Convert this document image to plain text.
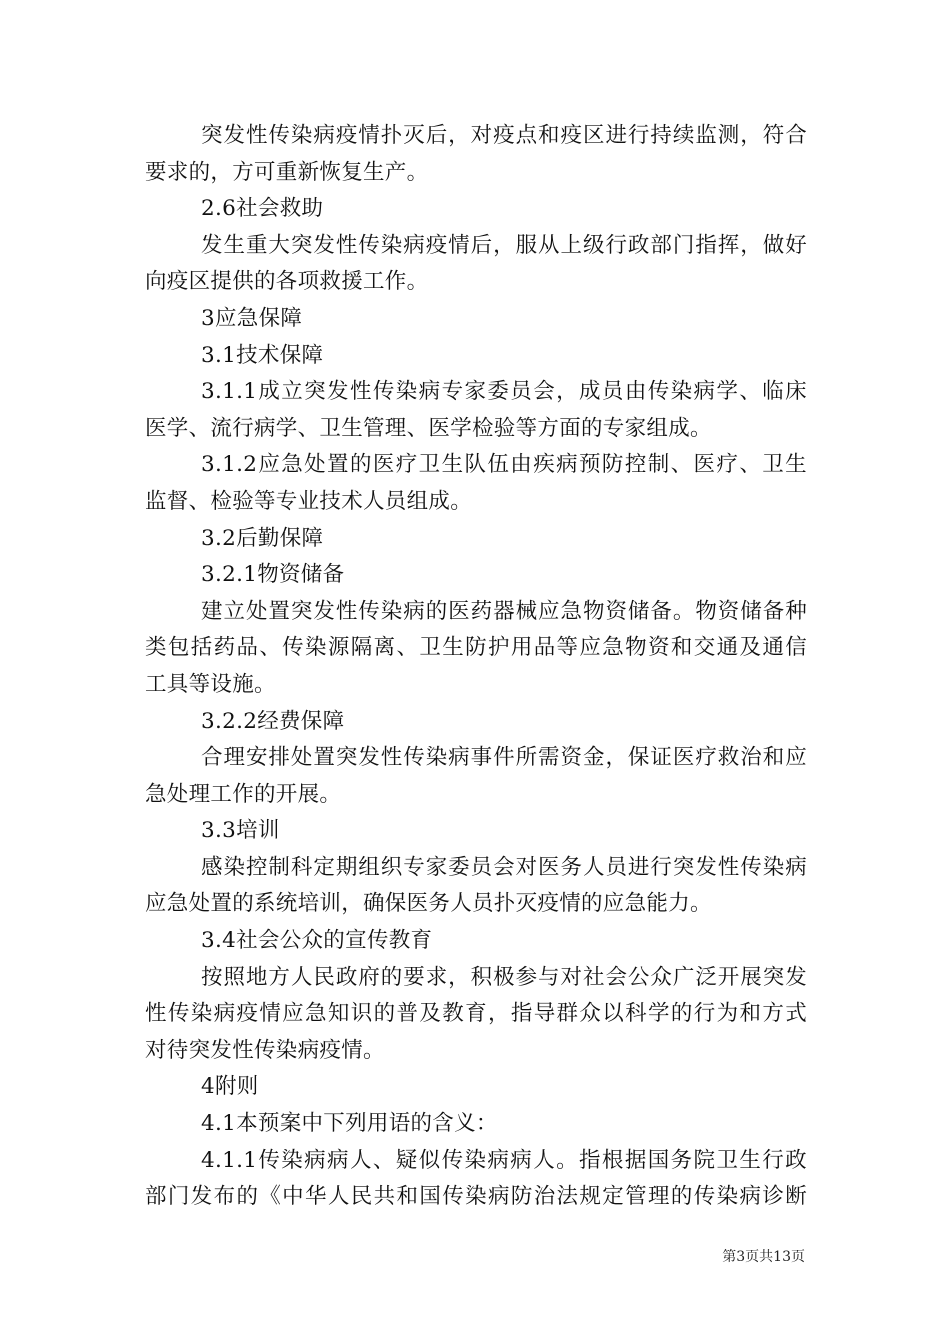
突发性传染病疫情扑灭后，对疫点和疫区进行持续监测，符合
要求的，方可重新恢复生产。
2.6社会救助
发生重大突发性传染病疫情后，服从上级行政部门指挥，做好
向疫区提供的各项救援工作。
3应急保障
3.1技术保障
3.1.1成立突发性传染病专家委员会，成员由传染病学、临床
医学、流行病学、卫生管理、医学检验等方面的专家组成。
3.1.2应急处置的医疗卫生队伍由疾病预防控制、医疗、卫生
监督、检验等专业技术人员组成。
3.2后勤保障
3.2.1物资储备
建立处置突发性传染病的医药器械应急物资储备。物资储备种
类包括药品、传染源隔离、卫生防护用品等应急物资和交通及通信
工具等设施。
3.2.2经费保障
合理安排处置突发性传染病事件所需资金，保证医疗救治和应
急处理工作的开展。
3.3培训
感染控制科定期组织专家委员会对医务人员进行突发性传染病
应急处置的系统培训，确保医务人员扑灭疫情的应急能力。
3.4社会公众的宣传教育
按照地方人民政府的要求，积极参与对社会公众广泛开展突发
性传染病疫情应急知识的普及教育，指导群众以科学的行为和方式
对待突发性传染病疫情。
4附则
4.1本预案中下列用语的含义：
4.1.1传染病病人、疑似传染病病人。指根据国务院卫生行政
部门发布的《中华人民共和国传染病防治法规定管理的传染病诊断
第3页共13页
